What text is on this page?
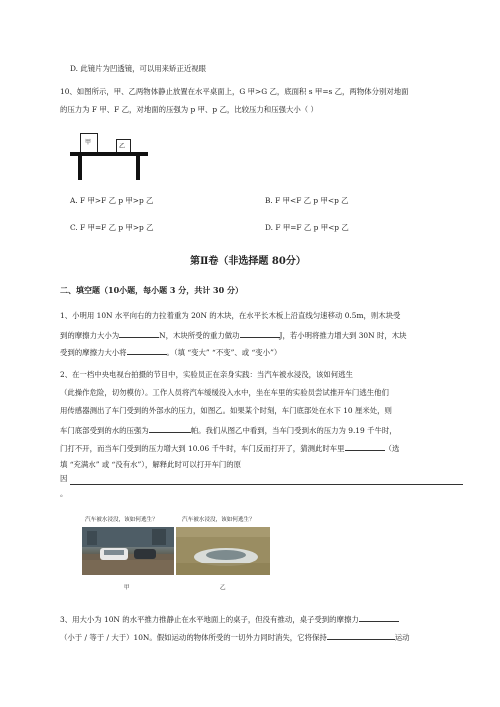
D. 此镜片为凹透镜，可以用来矫正近视眼
10、如图所示，甲、乙两物体静止放置在水平桌面上，G 甲>G 乙，底面积 s 甲=s 乙，两物体分别对地面
的压力为 F 甲、F 乙，对地面的压强为 p 甲、p 乙，比较压力和压强大小（ ）
甲
乙
A. F 甲>F 乙 p 甲>p 乙	B. F 甲<F 乙 p 甲<p 乙
C. F 甲=F 乙 p 甲>p 乙	D. F 甲=F 乙 p 甲<p 乙
第Ⅱ卷（非选择题 80分）
二、填空题（10小题，每小题 3 分，共计 30 分）
1、小明用 10N 水平向右的力拉着重为 20N 的木块，在水平长木板上沿直线匀速移动 0.5m，则木块受
到的摩擦力大小为	N，木块所受的重力做功	J，若小明将推力增大到 30N 时，木块
受到的摩擦力大小将	。（填 “变大” “不变”、或 “变小”）
2、在一档中央电视台拍摄的节目中，实验员正在亲身实践：当汽车被水浸没，该如何逃生
（此操作危险，切勿模仿）。工作人员将汽车缓缓没入水中，坐在车里的实验员尝试推开车门逃生他们
用传感器测出了车门受到的外部水的压力，如图乙。如果某个时刻，车门底部处在水下 10 厘米处，则
车门底部受到的水的压强为	帕。我们从图乙中看到，当车门受到水的压力为 9.19 千牛时，
门打不开，而当车门受到的压力增大到 10.06 千牛时，车门反而打开了，猜测此时车里	（选
填 “充满水” 或 “没有水”），解释此时可以打开车门的原
因
。
汽车被水浸没，该如何逃生？	汽车被水浸没，该如何逃生？
甲	乙
3、用大小为 10N 的水平推力推静止在水平地面上的桌子，但没有推动，桌子受到的摩擦力
（小于 / 等于 / 大于）10N。假如运动的物体所受的一切外力同时消失，它将保持	运动
